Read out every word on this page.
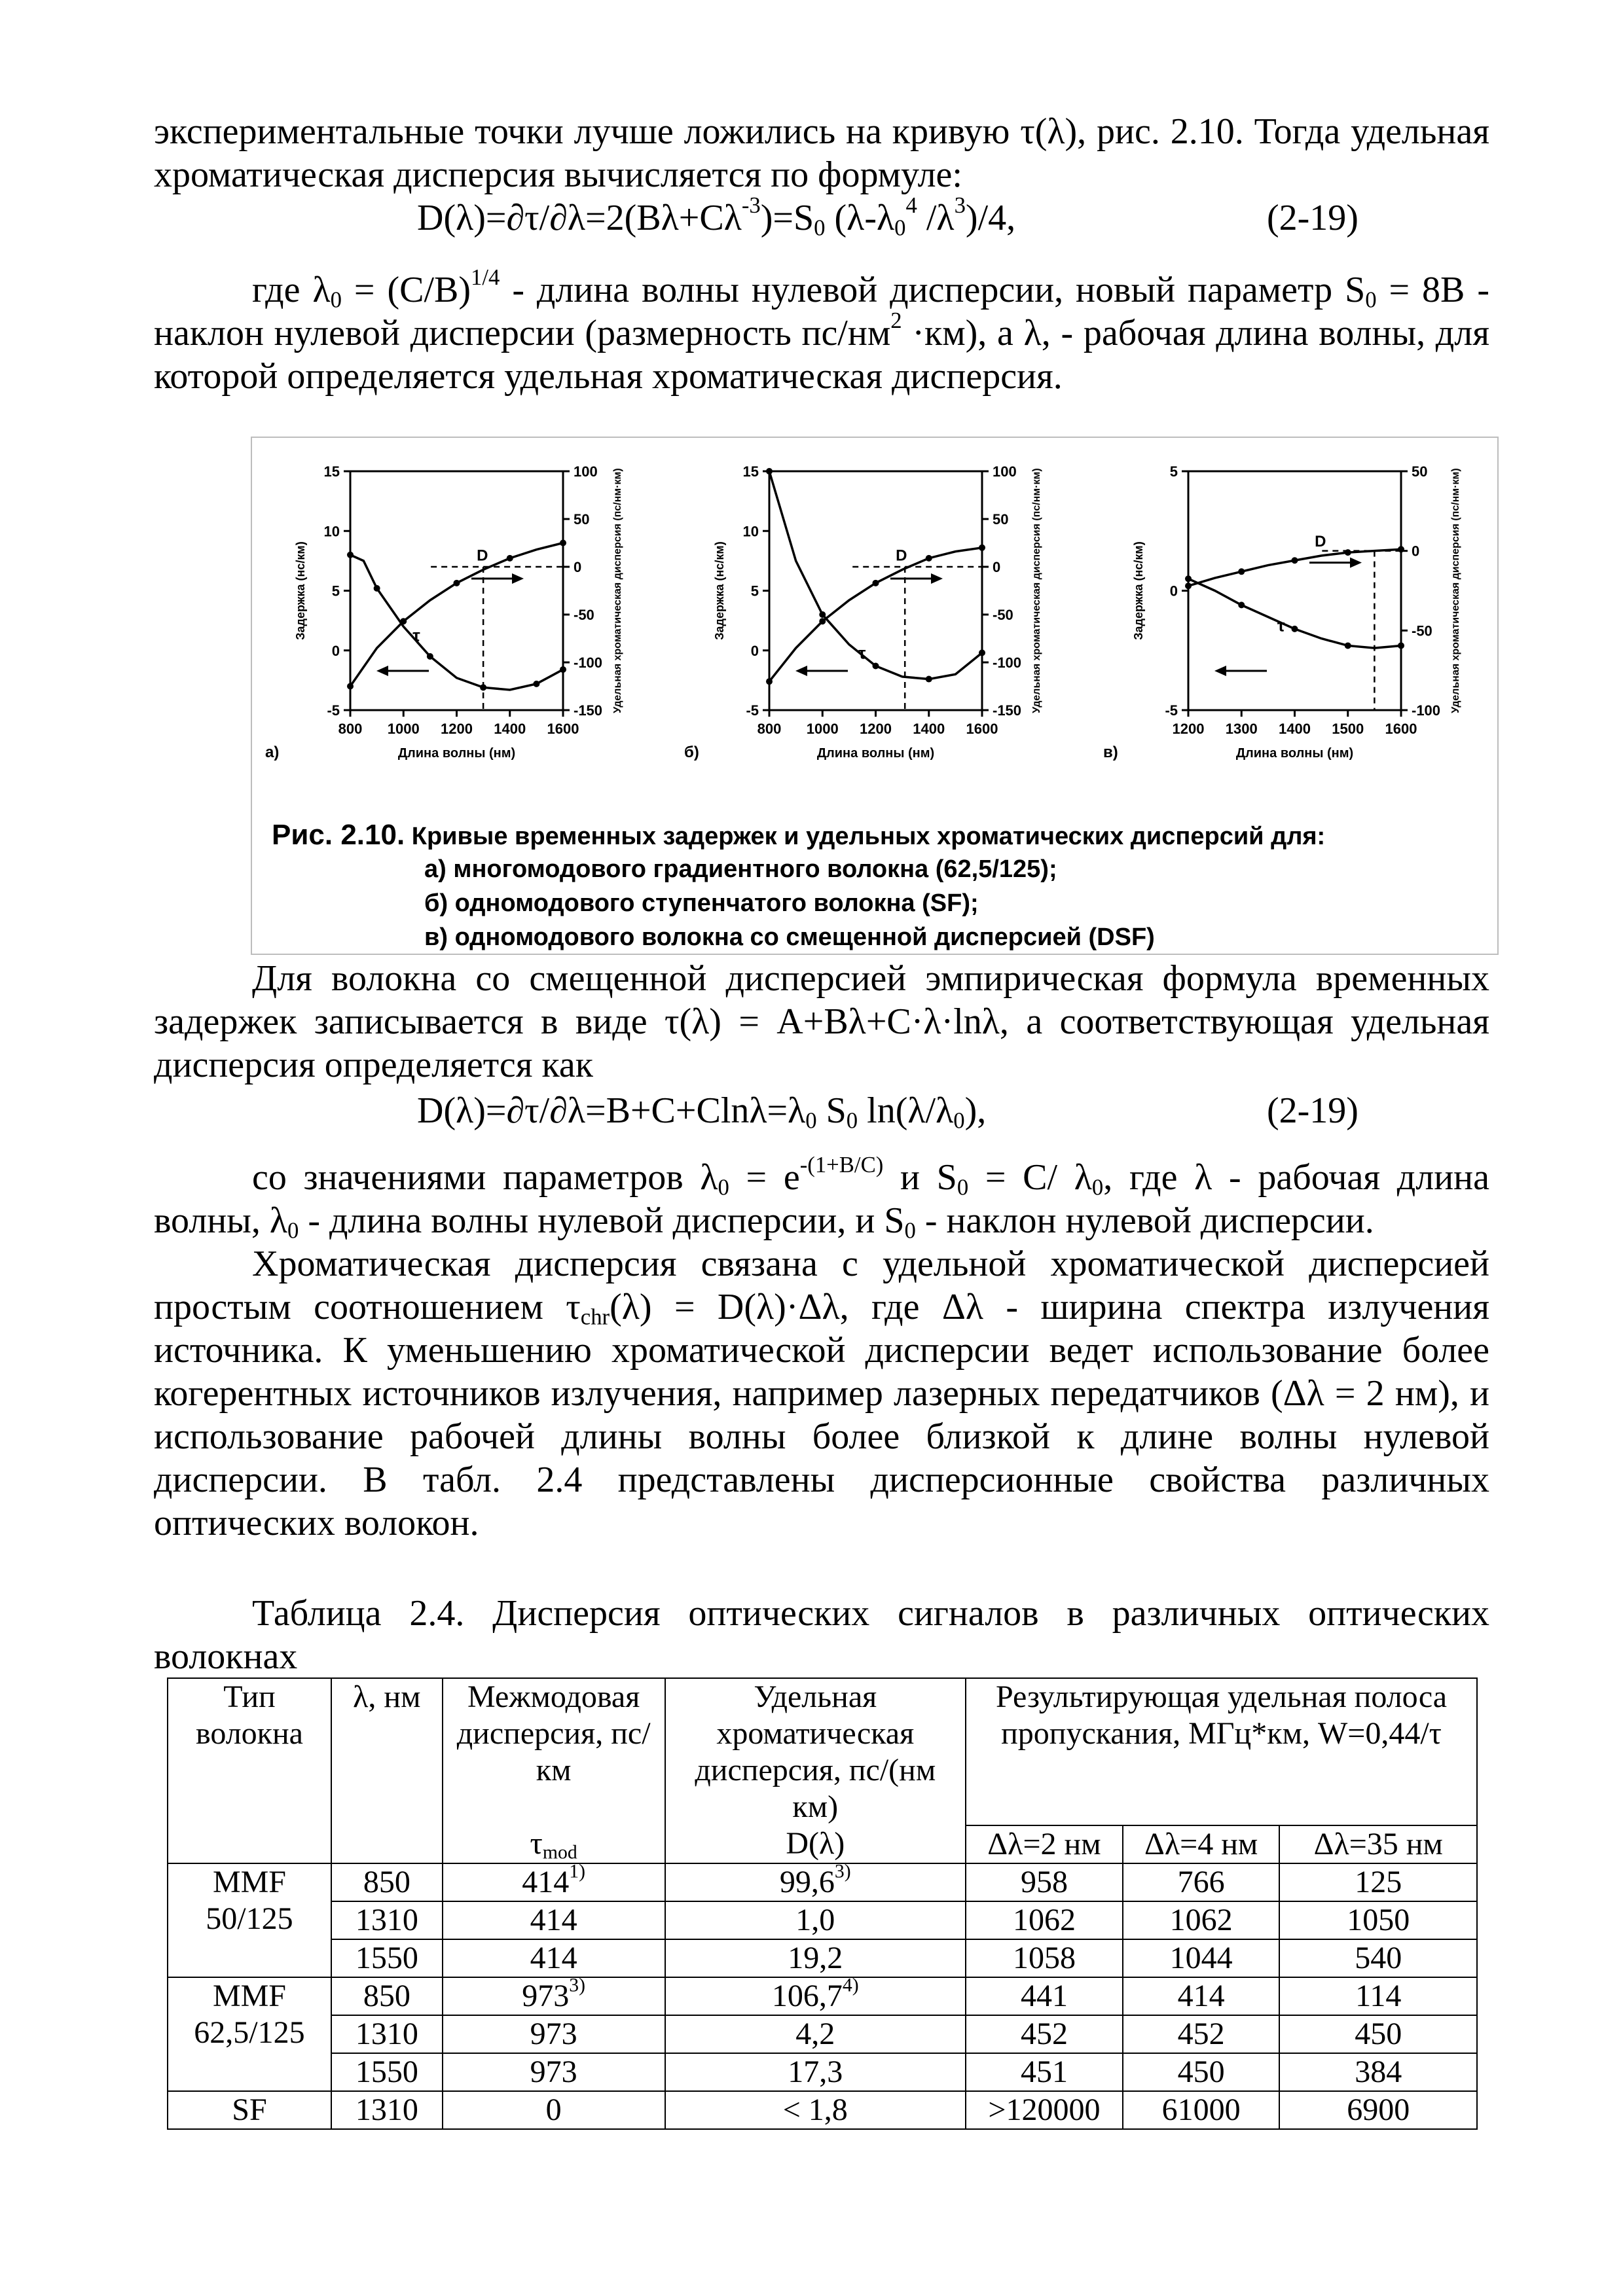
экспериментальные точки лучше ложились на кривую τ(λ), рис. 2.10. Тогда удельная хроматическая дисперсия вычисляется по формуле:
$D(\lambda)=\partial\tau/\partial\lambda=2(B\lambda+C\lambda^{-3})=S_0$ ($\lambda-\lambda_0^4$ $/\lambda^3)/4$,	(2-19)
где $\lambda_0 = (C/B)^{1/4}$ - длина волны нулевой дисперсии, новый параметр $S_0 = 8B$ - наклон нулевой дисперсии (размерность $пс/нм^2 \cdot км$), а λ, - рабочая длина волны, для которой определяется удельная хроматическая дисперсия.
800 1000 1200 1400 1600
Длина волны (нм)
15
10
5
0
-5
Задержка (нс/км)
100
50
0
-50
-100
-150 Удельная хроматическая дисперсия (пс/нм·км)
D
τ
а)
800 1000 1200 1400 1600
Длина волны (нм)
15
10
5
0
-5
Задержка (нс/км)
100
50
0
-50
-100
-150 Удельная хроматическая дисперсия (пс/нм·км)
D
τ
б)
1200 1300 1400 1500 1600
Длина волны (нм)
5
0
-5
Задержка (нс/км)
50
0
-50
-100 Удельная хроматическая дисперсия (пс/нм·км)
D
τ
в)
Рис. 2.10. Кривые временных задержек и удельных хроматических дисперсий для:
а) многомодового градиентного волокна (62,5/125);
б) одномодового ступенчатого волокна (SF);
в) одномодового волокна со смещенной дисперсией (DSF)
Для волокна со смещенной дисперсией эмпирическая формула временных задержек записывается в виде τ(λ) = A+Bλ+C·λ·lnλ, а соответствующая удельная дисперсия определяется как
$D(\lambda)=\partial\tau/\partial\lambda=B+C+Cln\lambda=\lambda_0$ $S_0$ $\ln(\lambda/\lambda_0)$,	(2-19)
со значениями параметров $\lambda_0 = e^{-(1+B/C)}$ и $S_0 = C/$ $\lambda_0$, где λ - рабочая длина волны, $\lambda_0$ - длина волны нулевой дисперсии, и $S_0$ - наклон нулевой дисперсии.
Хроматическая дисперсия связана с удельной хроматической дисперсией простым соотношением $\tau_{chr}(\lambda) = D(\lambda)\cdot\Delta\lambda$, где Δλ - ширина спектра излучения источника. К уменьшению хроматической дисперсии ведет использование более когерентных источников излучения, например лазерных передатчиков (Δλ = 2 нм), и использование рабочей длины волны более близкой к длине волны нулевой дисперсии. В табл. 2.4 представлены дисперсионные свойства различных оптических волокон.
Таблица 2.4. Дисперсия оптических сигналов в различных оптических волокнах
Тип волокна	λ, нм	Межмодовая дисперсия, пс/км	Удельная хроматическая дисперсия, пс/(нм км)	Результирующая удельная полоса пропускания, МГц*км, W=0,44/τ		
		$\tau_{mod}$	D(λ)	Δλ=2 нм	Δλ=4 нм	Δλ=35 нм
MMF 50/125	850	414$^{1)}$	99,6$^{3)}$	958	766	125
	1310	414	1,0	1062	1062	1050
	1550	414	19,2	1058	1044	540
MMF 62,5/125	850	973$^{3)}$	106,7$^{4)}$	441	414	114
	1310	973	4,2	452	452	450
	1550	973	17,3	451	450	384
SF	1310	0	< 1,8	>120000	61000	6900
